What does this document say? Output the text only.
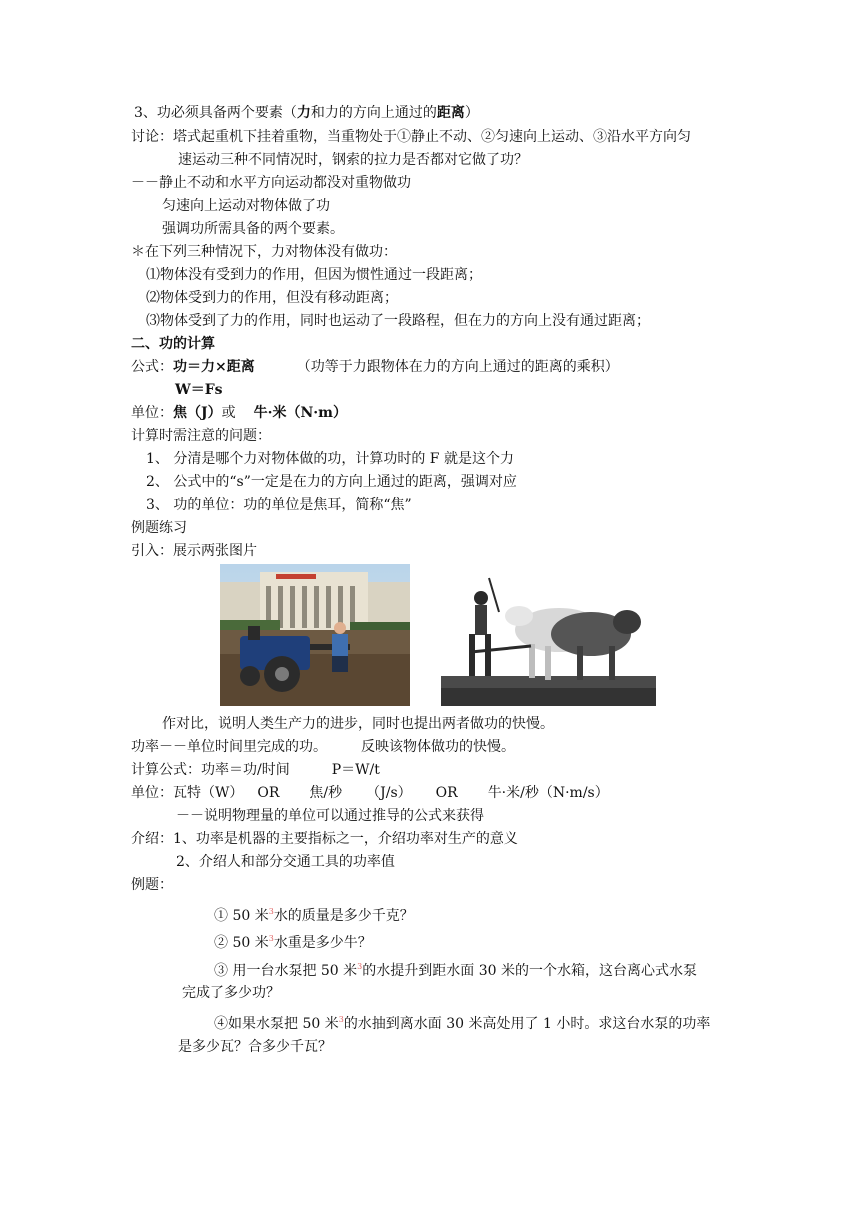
3、功必须具备两个要素（力和力的方向上通过的距离）
讨论：塔式起重机下挂着重物，当重物处于①静止不动、②匀速向上运动、③沿水平方向匀
速运动三种不同情况时，钢索的拉力是否都对它做了功？
－－静止不动和水平方向运动都没对重物做功
匀速向上运动对物体做了功
强调功所需具备的两个要素。
＊在下列三种情况下，力对物体没有做功：
⑴物体没有受到力的作用，但因为惯性通过一段距离；
⑵物体受到力的作用，但没有移动距离；
⑶物体受到了力的作用，同时也运动了一段路程，但在力的方向上没有通过距离；
二、功的计算
公式：功＝力×距离	（功等于力跟物体在力的方向上通过的距离的乘积）
W＝Fs
单位：焦（J）或 牛·米（N·m）
计算时需注意的问题：
1、 分清是哪个力对物体做的功，计算功时的 F 就是这个力
2、 公式中的“s”一定是在力的方向上通过的距离，强调对应
3、 功的单位：功的单位是焦耳，简称“焦”
例题练习
引入：展示两张图片
作对比，说明人类生产力的进步，同时也提出两者做功的快慢。
功率－－单位时间里完成的功。 反映该物体做功的快慢。
计算公式：功率＝功/时间	P＝W/t
单位：瓦特（W） OR 焦/秒 （J/s） OR 牛·米/秒（N·m/s）
－－说明物理量的单位可以通过推导的公式来获得
介绍：1、功率是机器的主要指标之一，介绍功率对生产的意义
2、介绍人和部分交通工具的功率值
例题：
① 50 米$^3$水的质量是多少千克？
② 50 米$^3$水重是多少牛？
③ 用一台水泵把 50 米$^3$的水提升到距水面 30 米的一个水箱，这台离心式水泵
完成了多少功？
④如果水泵把 50 米$^3$的水抽到离水面 30 米高处用了 1 小时。求这台水泵的功率
是多少瓦？合多少千瓦？
